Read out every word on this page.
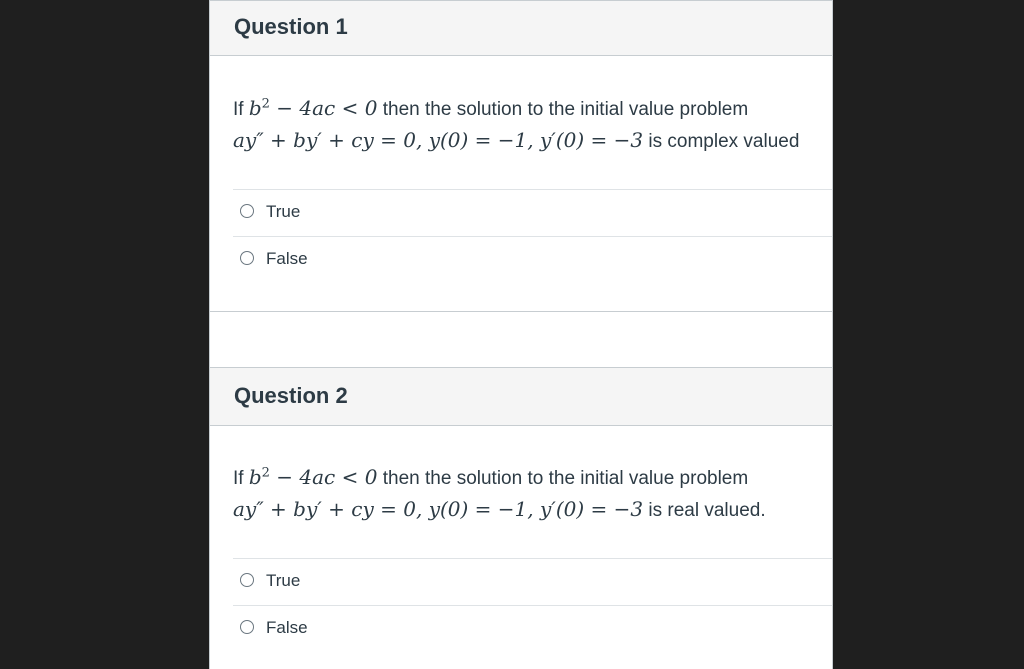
Question 1
If $b^2 - 4ac < 0$ then the solution to the initial value problem
ay″ + by′ + cy = 0, y(0) = −1, y′(0) = −3 is complex valued
True
False
Question 2
If $b^2 - 4ac < 0$ then the solution to the initial value problem
ay″ + by′ + cy = 0, y(0) = −1, y′(0) = −3 is real valued.
True
False
